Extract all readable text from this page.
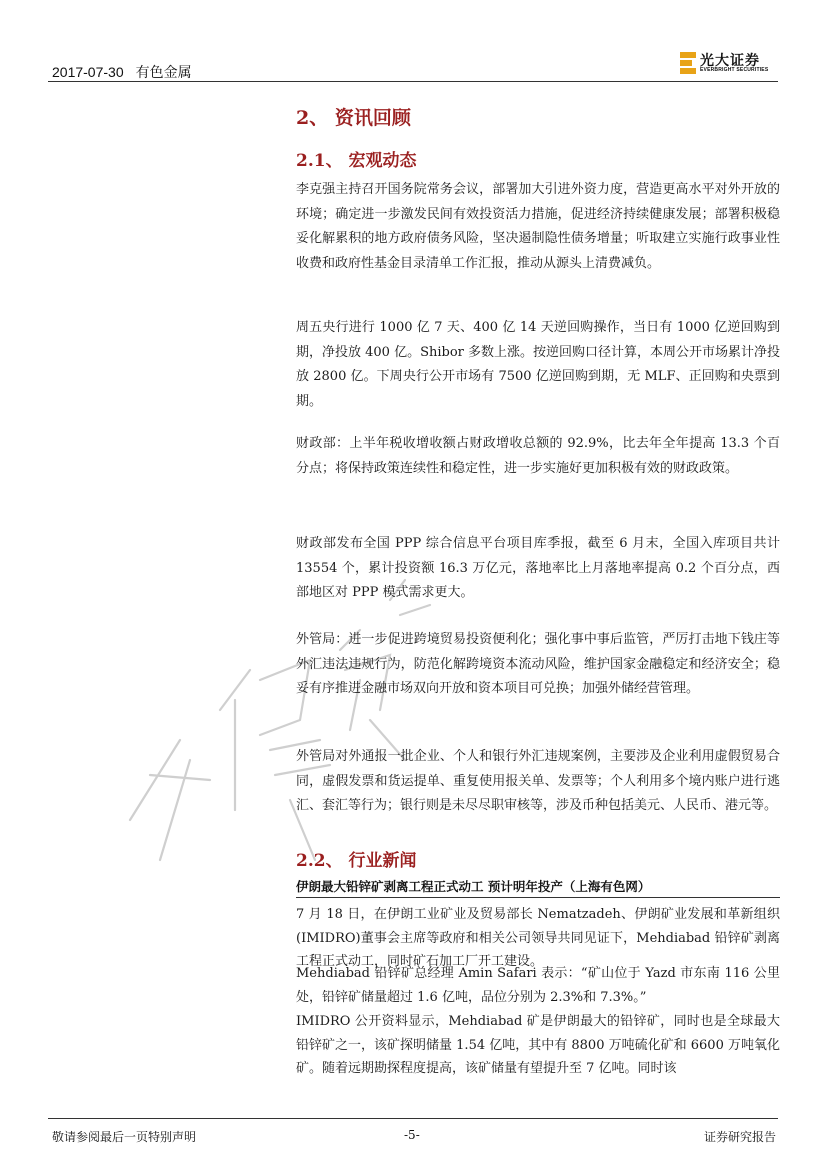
2017-07-30 有色金属
光大证券
EVERBRIGHT SECURITIES
2、 资讯回顾
2.1、 宏观动态
李克强主持召开国务院常务会议，部署加大引进外资力度，营造更高水平对外开放的环境；确定进一步激发民间有效投资活力措施，促进经济持续健康发展；部署积极稳妥化解累积的地方政府债务风险，坚决遏制隐性债务增量；听取建立实施行政事业性收费和政府性基金目录清单工作汇报，推动从源头上清费减负。
周五央行进行 1000 亿 7 天、400 亿 14 天逆回购操作，当日有 1000 亿逆回购到期，净投放 400 亿。Shibor 多数上涨。按逆回购口径计算，本周公开市场累计净投放 2800 亿。下周央行公开市场有 7500 亿逆回购到期，无 MLF、正回购和央票到期。
财政部：上半年税收增收额占财政增收总额的 92.9%，比去年全年提高 13.3 个百分点；将保持政策连续性和稳定性，进一步实施好更加积极有效的财政政策。
财政部发布全国 PPP 综合信息平台项目库季报，截至 6 月末，全国入库项目共计 13554 个，累计投资额 16.3 万亿元，落地率比上月落地率提高 0.2 个百分点，西部地区对 PPP 模式需求更大。
外管局：进一步促进跨境贸易投资便利化；强化事中事后监管，严厉打击地下钱庄等外汇违法违规行为，防范化解跨境资本流动风险，维护国家金融稳定和经济安全；稳妥有序推进金融市场双向开放和资本项目可兑换；加强外储经营管理。
外管局对外通报一批企业、个人和银行外汇违规案例，主要涉及企业利用虚假贸易合同，虚假发票和货运提单、重复使用报关单、发票等；个人利用多个境内账户进行逃汇、套汇等行为；银行则是未尽尽职审核等，涉及币种包括美元、人民币、港元等。
2.2、 行业新闻
伊朗最大铅锌矿剥离工程正式动工 预计明年投产（上海有色网）
7 月 18 日，在伊朗工业矿业及贸易部长 Nematzadeh、伊朗矿业发展和革新组织(IMIDRO)董事会主席等政府和相关公司领导共同见证下，Mehdiabad 铅锌矿剥离工程正式动工，同时矿石加工厂开工建设。
Mehdiabad 铅锌矿总经理 Amin Safari 表示：“矿山位于 Yazd 市东南 116 公里处，铅锌矿储量超过 1.6 亿吨，品位分别为 2.3%和 7.3%。”
IMIDRO 公开资料显示，Mehdiabad 矿是伊朗最大的铅锌矿，同时也是全球最大铅锌矿之一，该矿探明储量 1.54 亿吨，其中有 8800 万吨硫化矿和 6600 万吨氧化矿。随着远期勘探程度提高，该矿储量有望提升至 7 亿吨。同时该
敬请参阅最后一页特别声明	-5-	证券研究报告
